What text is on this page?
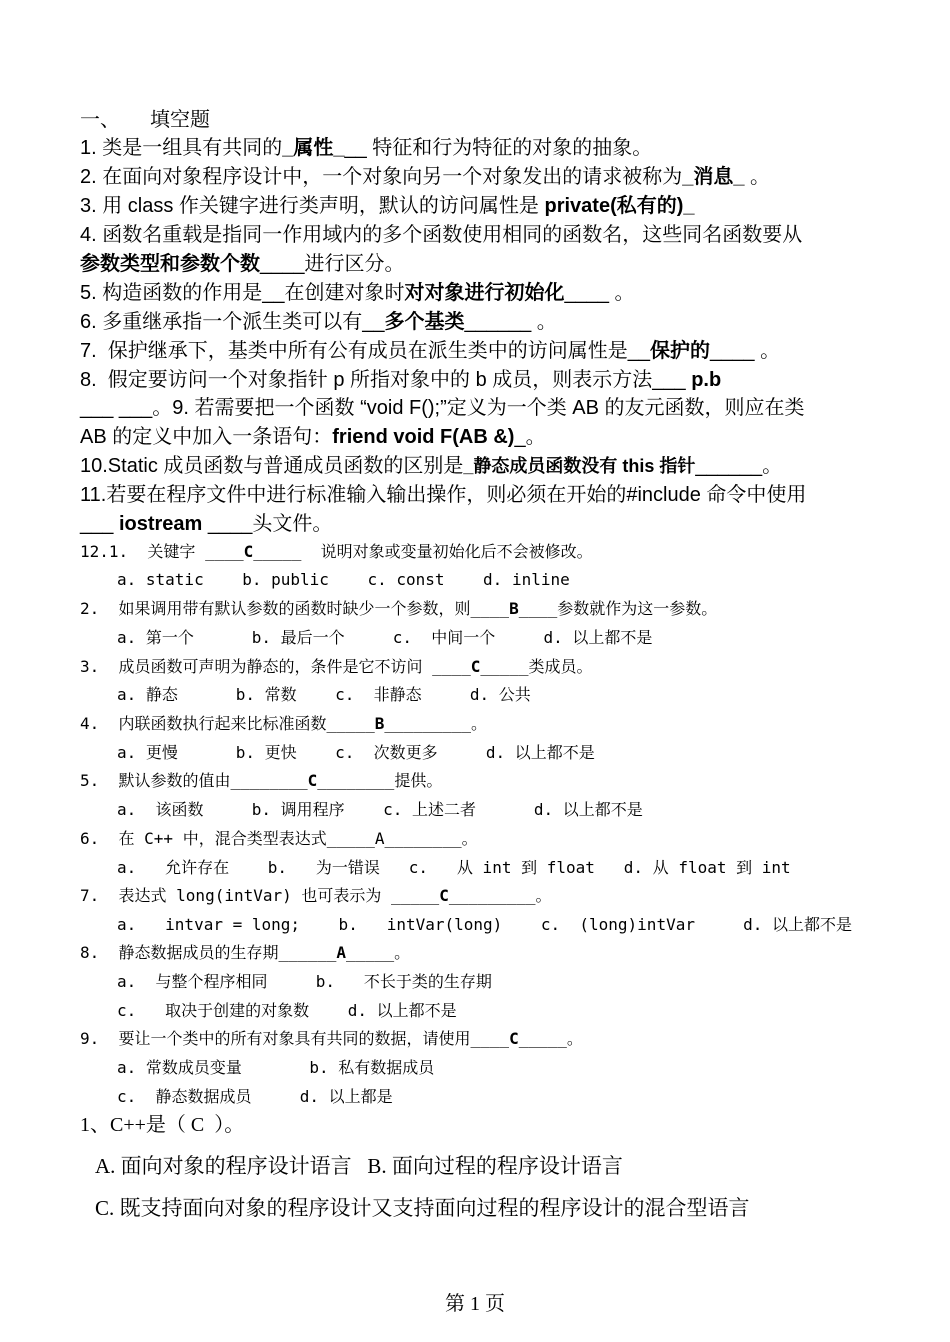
一、　　填空题
1. 类是一组具有共同的_属性___ 特征和行为特征的对象的抽象。
2. 在面向对象程序设计中，一个对象向另一个对象发出的请求被称为_消息_ 。
3. 用 class 作关键字进行类声明，默认的访问属性是 private(私有的)_
4. 函数名重载是指同一作用域内的多个函数使用相同的函数名，这些同名函数要从
参数类型和参数个数____进行区分。
5. 构造函数的作用是__在创建对象时对对象进行初始化____ 。
6. 多重继承指一个派生类可以有__多个基类______ 。
7.  保护继承下，基类中所有公有成员在派生类中的访问属性是__保护的____ 。
8.  假定要访问一个对象指针 p 所指对象中的 b 成员，则表示方法___ p.b
___ ___。9. 若需要把一个函数 “void F();”定义为一个类 AB 的友元函数，则应在类
AB 的定义中加入一条语句：friend void F(AB &)_。
10.Static 成员函数与普通成员函数的区别是_静态成员函数没有 this 指针______。
11.若要在程序文件中进行标准输入输出操作，则必须在开始的#include 命令中使用
___ iostream ____头文件。
12.1.  关键字 ____C_____  说明对象或变量初始化后不会被修改。
a. static    b. public    c. const    d. inline
2.  如果调用带有默认参数的函数时缺少一个参数，则____B____参数就作为这一参数。
a. 第一个      b. 最后一个     c.  中间一个     d. 以上都不是
3.  成员函数可声明为静态的，条件是它不访问 ____C_____类成员。
a. 静态      b. 常数    c.  非静态     d. 公共
4.  内联函数执行起来比标准函数_____B_________。
a. 更慢      b. 更快    c.  次数更多     d. 以上都不是
5.  默认参数的值由________C________提供。
a.  该函数     b. 调用程序    c. 上述二者      d. 以上都不是
6.  在 C++ 中，混合类型表达式_____A________。
a.   允许存在    b.   为一错误   c.   从 int 到 float   d. 从 float 到 int
7.  表达式 long(intVar) 也可表示为 _____C_________。
a.   intvar = long;    b.   intVar(long)    c.  (long)intVar     d. 以上都不是
8.  静态数据成员的生存期______A_____。
a.  与整个程序相同     b.   不长于类的生存期
c.   取决于创建的对象数    d. 以上都不是
9.  要让一个类中的所有对象具有共同的数据，请使用____C_____。
a. 常数成员变量       b. 私有数据成员
c.  静态数据成员     d. 以上都是
1、C++是（ C  ）。
A. 面向对象的程序设计语言   B. 面向过程的程序设计语言
C. 既支持面向对象的程序设计又支持面向过程的程序设计的混合型语言
第 1 页
